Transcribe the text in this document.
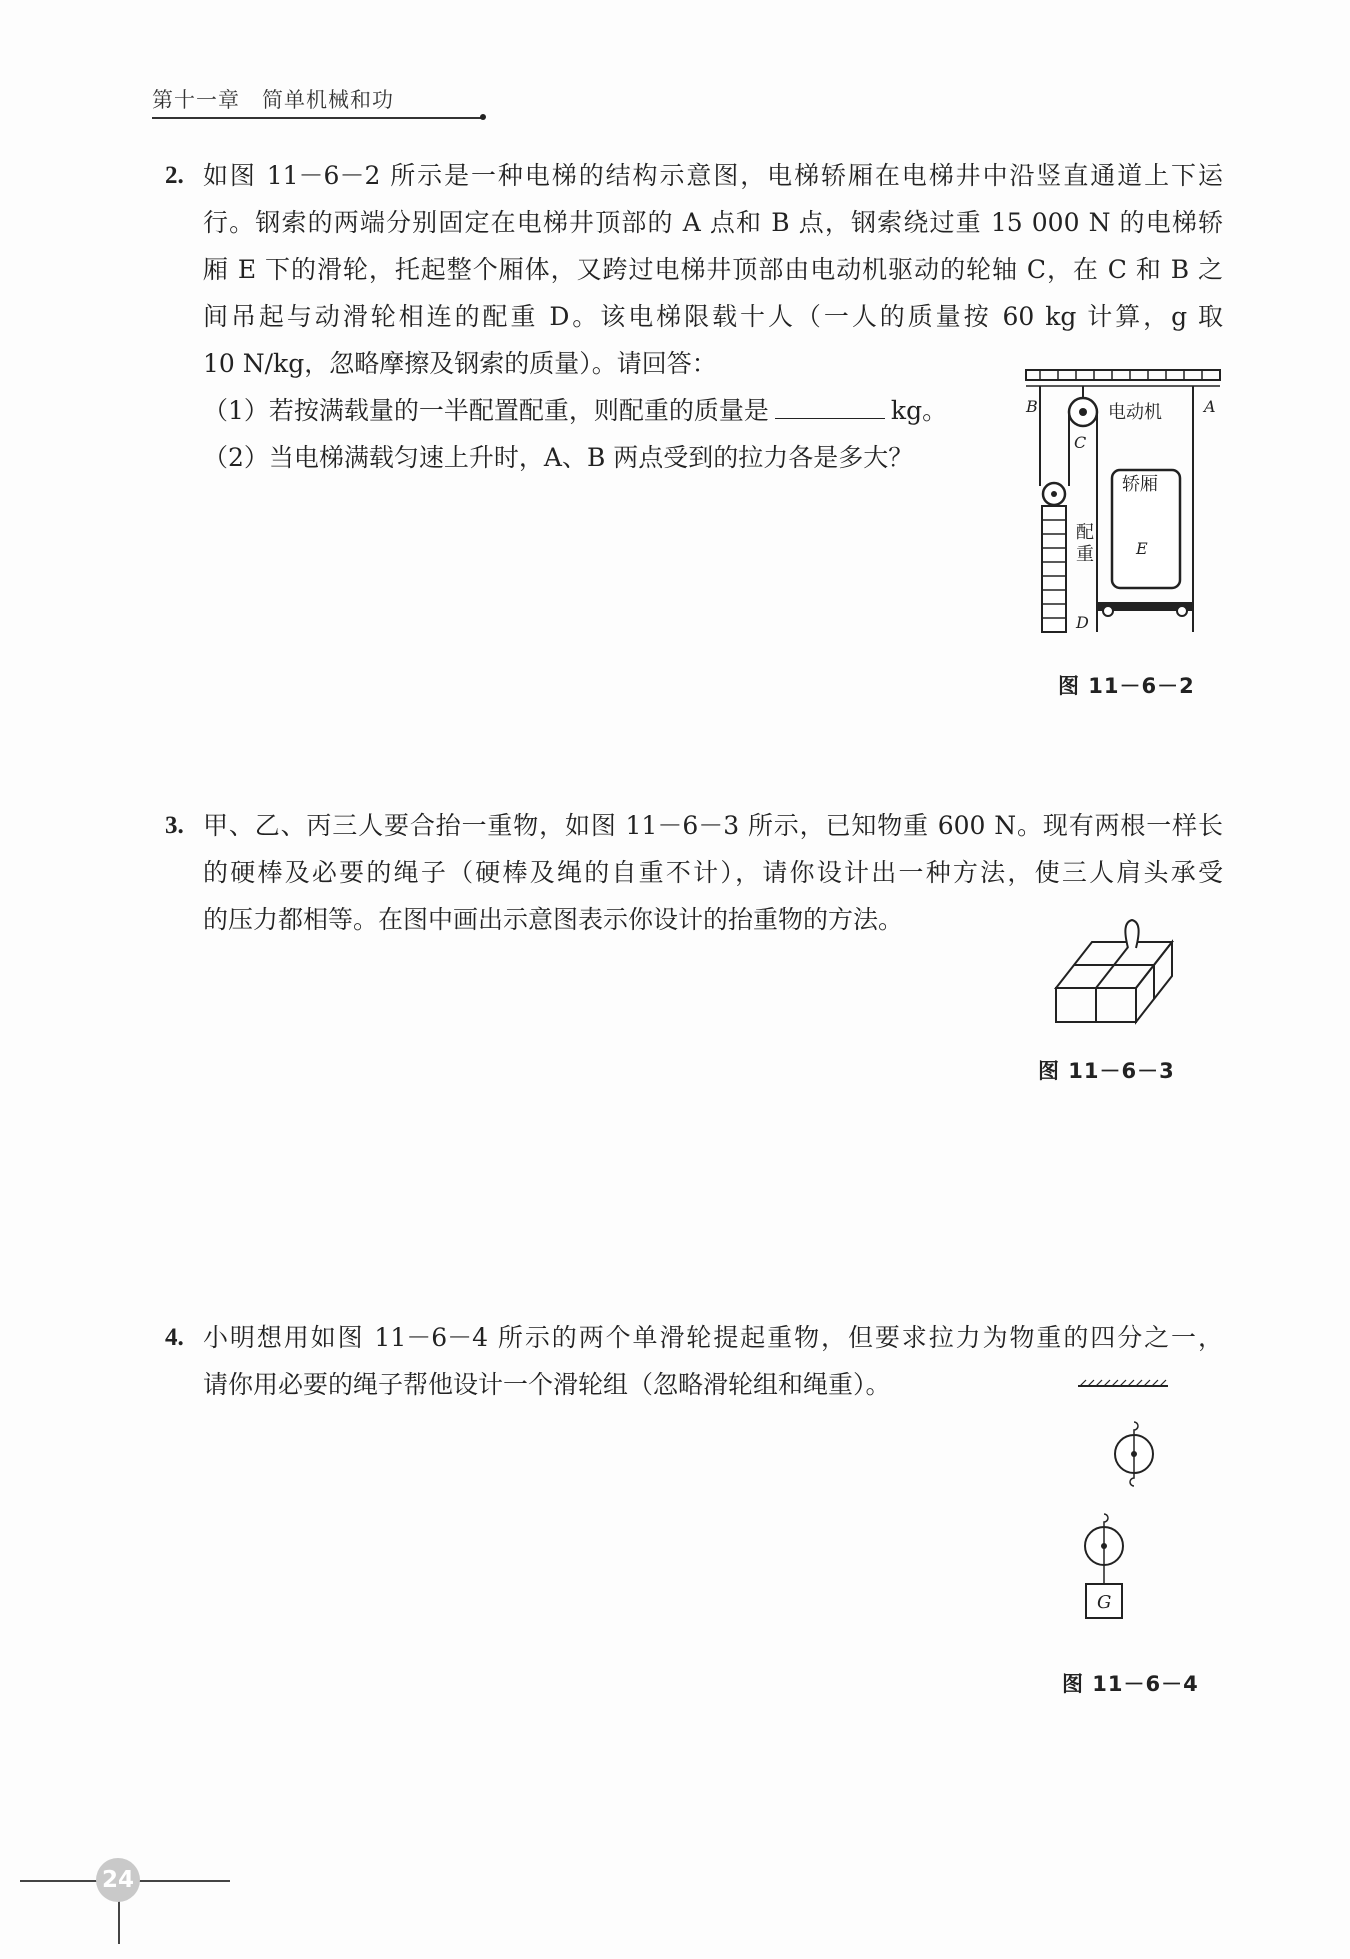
第十一章　简单机械和功
2. 如图 11－6－2 所示是一种电梯的结构示意图，电梯轿厢在电梯井中沿竖直通道上下运
行。钢索的两端分别固定在电梯井顶部的 A 点和 B 点，钢索绕过重 15 000 N 的电梯轿
厢 E 下的滑轮，托起整个厢体，又跨过电梯井顶部由电动机驱动的轮轴 C，在 C 和 B 之
间吊起与动滑轮相连的配重 D。该电梯限载十人（一人的质量按 60 kg 计算，g 取
10 N/kg，忽略摩擦及钢索的质量）。请回答：
（1）若按满载量的一半配置配重，则配重的质量是	kg。
（2）当电梯满载匀速上升时，A、B 两点受到的拉力各是多大？
B	A
电动机
C
轿厢
E
配
重
D
图 11－6－2
3. 甲、乙、丙三人要合抬一重物，如图 11－6－3 所示，已知物重 600 N。现有两根一样长
的硬棒及必要的绳子（硬棒及绳的自重不计），请你设计出一种方法，使三人肩头承受
的压力都相等。在图中画出示意图表示你设计的抬重物的方法。
图 11－6－3
4. 小明想用如图 11－6－4 所示的两个单滑轮提起重物，但要求拉力为物重的四分之一，
请你用必要的绳子帮他设计一个滑轮组（忽略滑轮组和绳重）。
G
图 11－6－4
24
